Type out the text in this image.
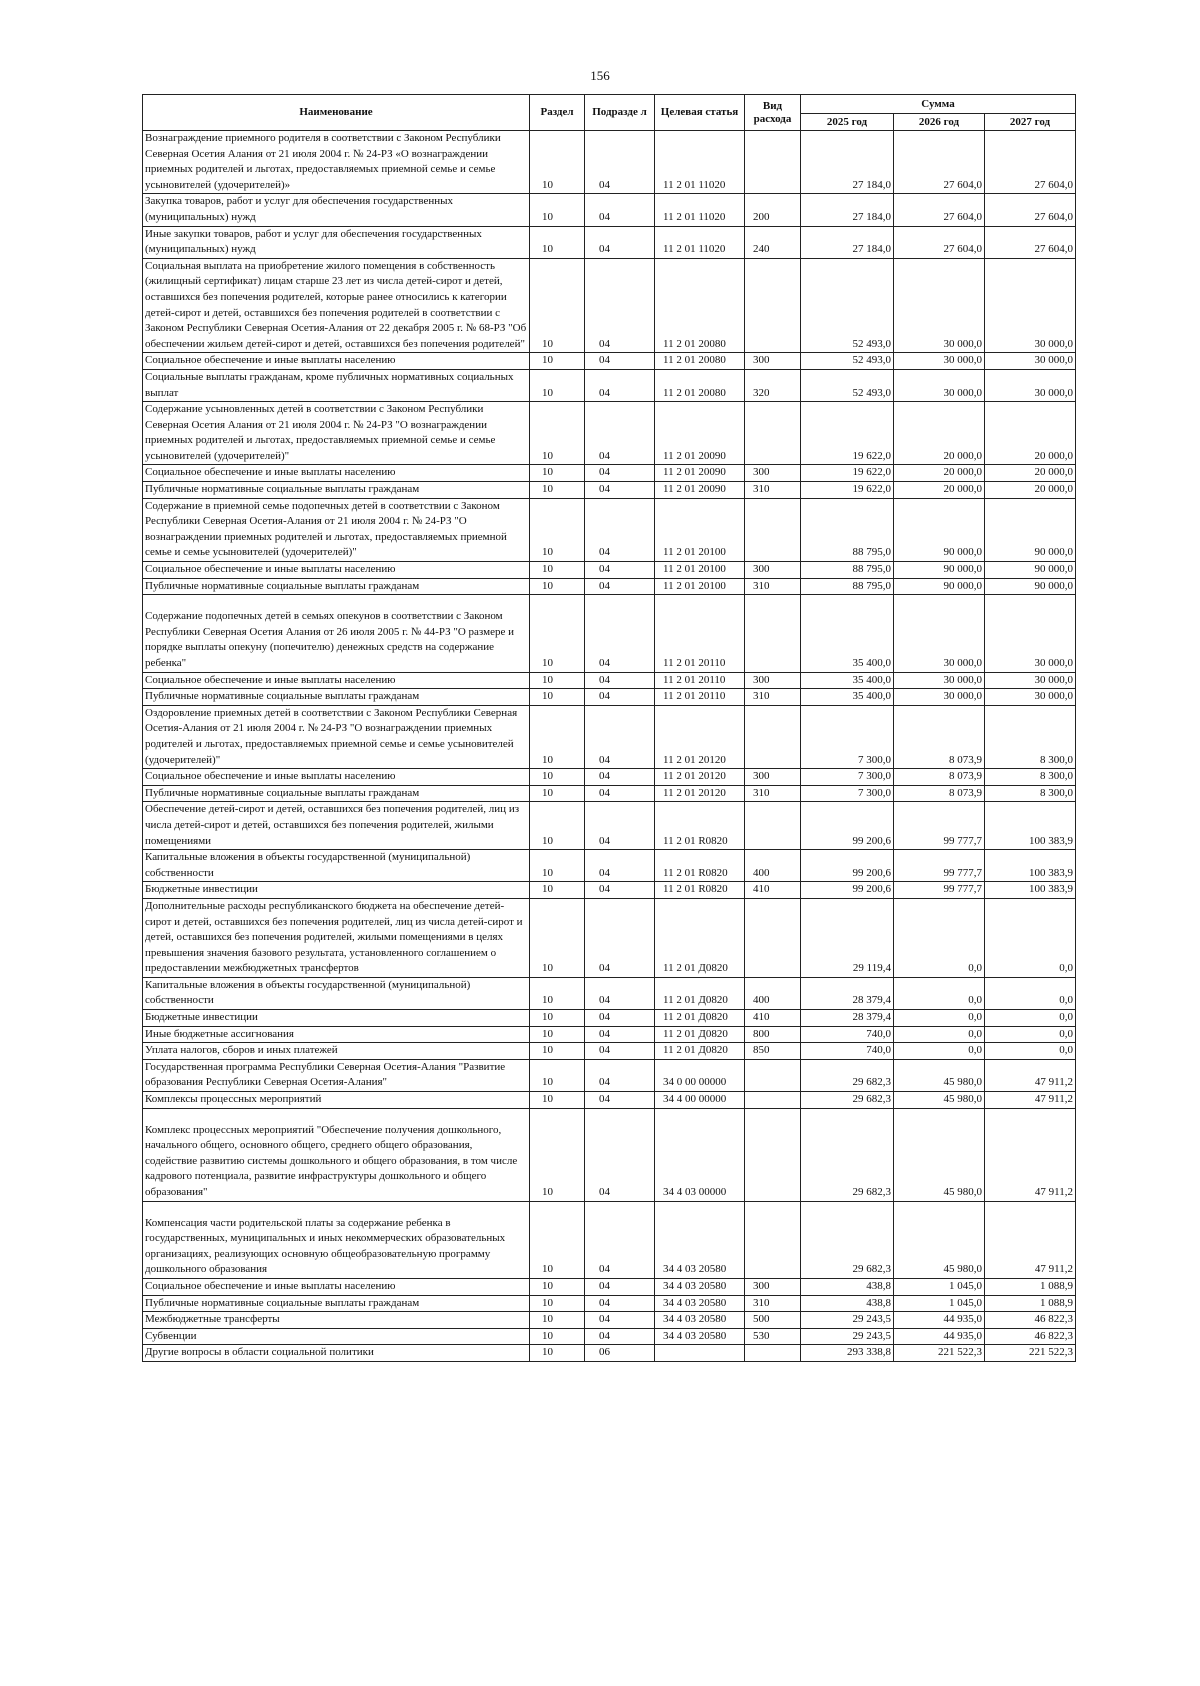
156
Наименование	Раздел	Подразде л	Целевая статья	Вид расхода	Сумма		
					2025 год	2026 год	2027 год
Вознаграждение приемного родителя в соответствии с Законом Республики Северная Осетия Алания от 21 июля 2004 г. № 24-РЗ «О вознаграждении приемных родителей и льготах, предоставляемых приемной семье и семье усыновителей (удочерителей)»	10	04	11 2 01 11020		27 184,0	27 604,0	27 604,0
Закупка товаров, работ и услуг для обеспечения государственных (муниципальных) нужд	10	04	11 2 01 11020	200	27 184,0	27 604,0	27 604,0
Иные закупки товаров, работ и услуг для обеспечения государственных (муниципальных) нужд	10	04	11 2 01 11020	240	27 184,0	27 604,0	27 604,0
Социальная выплата на приобретение жилого помещения в собственность (жилищный сертификат) лицам старше 23 лет из числа детей-сирот и детей, оставшихся без попечения родителей, которые ранее относились к категории детей-сирот и детей, оставшихся без попечения родителей в соответствии с Законом Республики Северная Осетия-Алания от 22 декабря 2005 г. № 68-РЗ "Об обеспечении жильем детей-сирот и детей, оставшихся без попечения родителей"	10	04	11 2 01 20080		52 493,0	30 000,0	30 000,0
Социальное обеспечение и иные выплаты населению	10	04	11 2 01 20080	300	52 493,0	30 000,0	30 000,0
Социальные выплаты гражданам, кроме публичных нормативных социальных выплат	10	04	11 2 01 20080	320	52 493,0	30 000,0	30 000,0
Содержание усыновленных детей в соответствии с Законом Республики Северная Осетия Алания от 21 июля 2004 г. № 24-РЗ "О вознаграждении приемных родителей и льготах, предоставляемых приемной семье и семье усыновителей (удочерителей)"	10	04	11 2 01 20090		19 622,0	20 000,0	20 000,0
Социальное обеспечение и иные выплаты населению	10	04	11 2 01 20090	300	19 622,0	20 000,0	20 000,0
Публичные нормативные социальные выплаты гражданам	10	04	11 2 01 20090	310	19 622,0	20 000,0	20 000,0
Содержание в приемной семье подопечных детей в соответствии с Законом Республики Северная Осетия-Алания от 21 июля 2004 г. № 24-РЗ "О вознаграждении приемных родителей и льготах, предоставляемых приемной семье и семье усыновителей (удочерителей)"	10	04	11 2 01 20100		88 795,0	90 000,0	90 000,0
Социальное обеспечение и иные выплаты населению	10	04	11 2 01 20100	300	88 795,0	90 000,0	90 000,0
Публичные нормативные социальные выплаты гражданам	10	04	11 2 01 20100	310	88 795,0	90 000,0	90 000,0
Содержание подопечных детей в семьях опекунов в соответствии с Законом Республики Северная Осетия Алания от 26 июля 2005 г. № 44-РЗ "О размере и порядке выплаты опекуну (попечителю) денежных средств на содержание ребенка"	10	04	11 2 01 20110		35 400,0	30 000,0	30 000,0
Социальное обеспечение и иные выплаты населению	10	04	11 2 01 20110	300	35 400,0	30 000,0	30 000,0
Публичные нормативные социальные выплаты гражданам	10	04	11 2 01 20110	310	35 400,0	30 000,0	30 000,0
Оздоровление приемных детей в соответствии с Законом Республики Северная Осетия-Алания от 21 июля 2004 г. № 24-РЗ "О вознаграждении приемных родителей и льготах, предоставляемых приемной семье и семье усыновителей (удочерителей)"	10	04	11 2 01 20120		7 300,0	8 073,9	8 300,0
Социальное обеспечение и иные выплаты населению	10	04	11 2 01 20120	300	7 300,0	8 073,9	8 300,0
Публичные нормативные социальные выплаты гражданам	10	04	11 2 01 20120	310	7 300,0	8 073,9	8 300,0
Обеспечение детей-сирот и детей, оставшихся без попечения родителей, лиц из числа детей-сирот и детей, оставшихся без попечения родителей, жилыми помещениями	10	04	11 2 01 R0820		99 200,6	99 777,7	100 383,9
Капитальные вложения в объекты государственной (муниципальной) собственности	10	04	11 2 01 R0820	400	99 200,6	99 777,7	100 383,9
Бюджетные инвестиции	10	04	11 2 01 R0820	410	99 200,6	99 777,7	100 383,9
Дополнительные расходы республиканского бюджета на обеспечение детей-сирот и детей, оставшихся без попечения родителей, лиц из числа детей-сирот и детей, оставшихся без попечения родителей, жилыми помещениями в целях превышения значения базового результата, установленного соглашением о предоставлении межбюджетных трансфертов	10	04	11 2 01 Д0820		29 119,4	0,0	0,0
Капитальные вложения в объекты государственной (муниципальной) собственности	10	04	11 2 01 Д0820	400	28 379,4	0,0	0,0
Бюджетные инвестиции	10	04	11 2 01 Д0820	410	28 379,4	0,0	0,0
Иные бюджетные ассигнования	10	04	11 2 01 Д0820	800	740,0	0,0	0,0
Уплата налогов, сборов и иных платежей	10	04	11 2 01 Д0820	850	740,0	0,0	0,0
Государственная программа Республики Северная Осетия-Алания "Развитие образования Республики Северная Осетия-Алания"	10	04	34 0 00 00000		29 682,3	45 980,0	47 911,2
Комплексы процессных мероприятий	10	04	34 4 00 00000		29 682,3	45 980,0	47 911,2
Комплекс процессных мероприятий "Обеспечение получения дошкольного, начального общего, основного общего, среднего общего образования, содействие развитию системы дошкольного и общего образования, в том числе кадрового потенциала, развитие инфраструктуры дошкольного и общего образования"	10	04	34 4 03 00000		29 682,3	45 980,0	47 911,2
Компенсация части родительской платы за содержание ребенка в государственных, муниципальных и иных некоммерческих образовательных организациях, реализующих основную общеобразовательную программу дошкольного образования	10	04	34 4 03 20580		29 682,3	45 980,0	47 911,2
Социальное обеспечение и иные выплаты населению	10	04	34 4 03 20580	300	438,8	1 045,0	1 088,9
Публичные нормативные социальные выплаты гражданам	10	04	34 4 03 20580	310	438,8	1 045,0	1 088,9
Межбюджетные трансферты	10	04	34 4 03 20580	500	29 243,5	44 935,0	46 822,3
Субвенции	10	04	34 4 03 20580	530	29 243,5	44 935,0	46 822,3
Другие вопросы в области социальной политики	10	06			293 338,8	221 522,3	221 522,3
